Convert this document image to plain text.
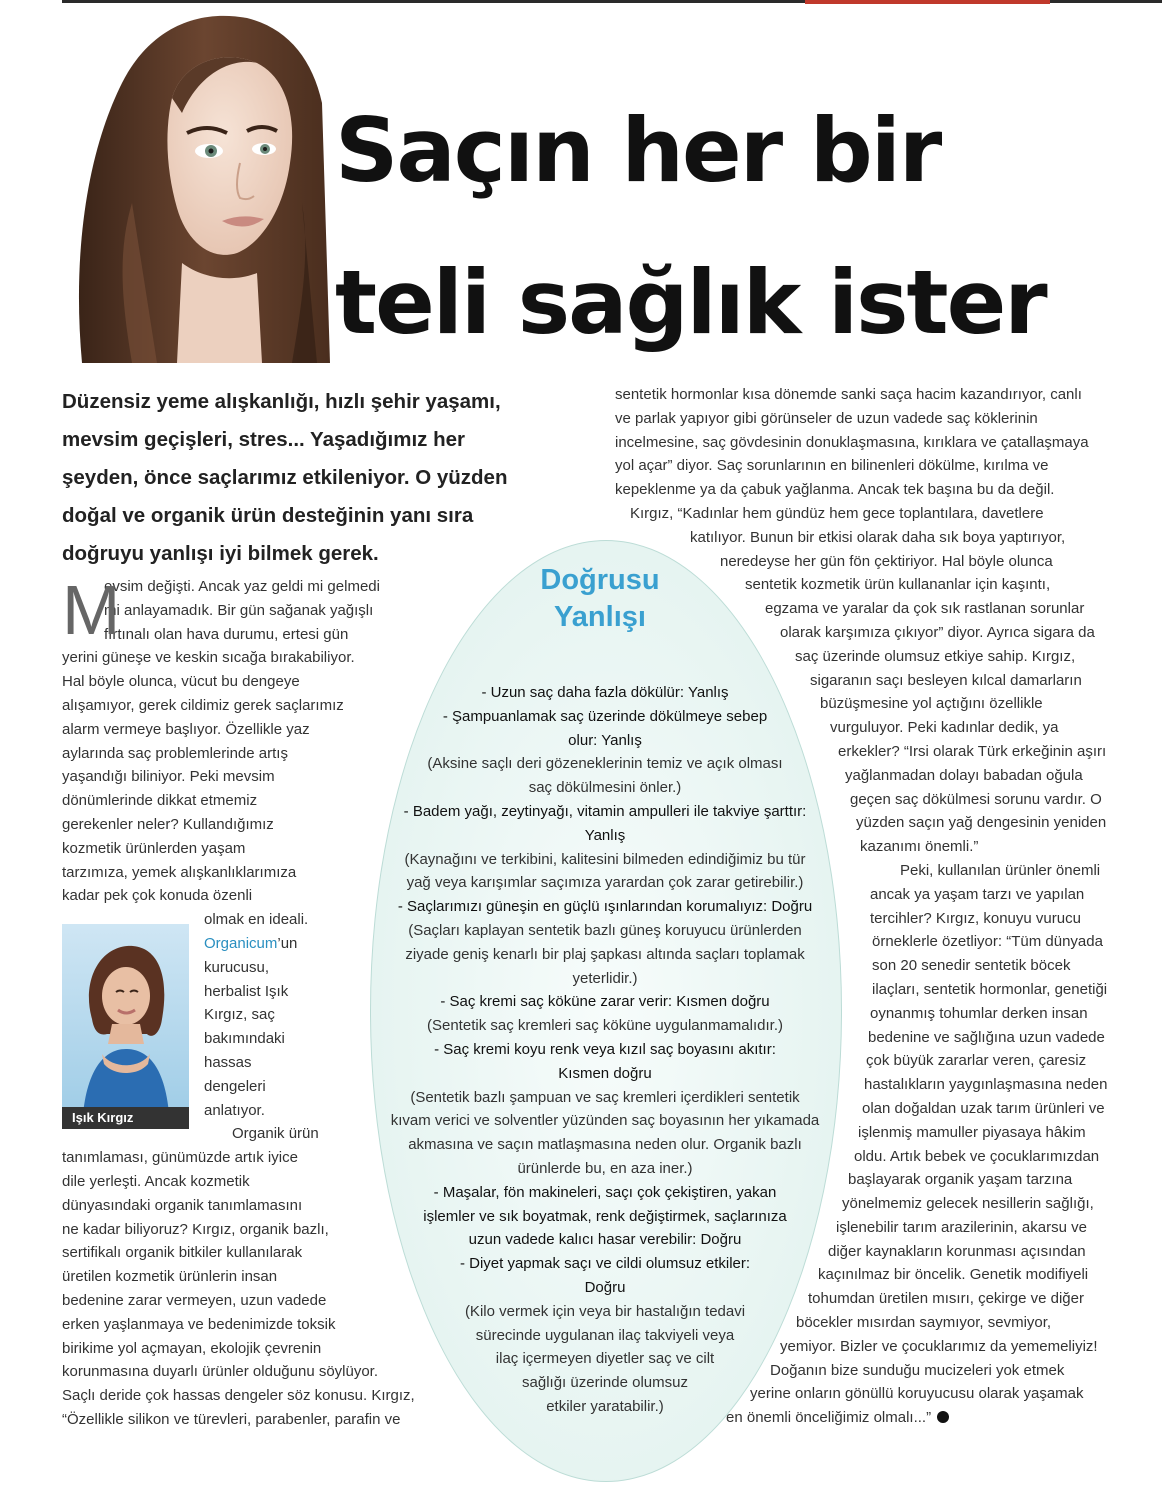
Saçın her bir
teli sağlık ister

Düzensiz yeme alışkanlığı, hızlı şehir yaşamı,
mevsim geçişleri, stres... Yaşadığımız her
şeyden, önce saçlarımız etkileniyor. O yüzden
doğal ve organik ürün desteğinin yanı sıra
doğruyu yanlışı iyi bilmek gerek.

M
evsim değişti. Ancak yaz geldi mi gelmedi
mi anlayamadık. Bir gün sağanak yağışlı
fırtınalı olan hava durumu, ertesi gün
yerini güneşe ve keskin sıcağa bırakabiliyor.
Hal böyle olunca, vücut bu dengeye
alışamıyor, gerek cildimiz gerek saçlarımız
alarm vermeye başlıyor. Özellikle yaz
aylarında saç problemlerinde artış
yaşandığı biliniyor. Peki mevsim
dönümlerinde dikkat etmemiz
gerekenler neler? Kullandığımız
kozmetik ürünlerden yaşam
tarzımıza, yemek alışkanlıklarımıza
kadar pek çok konuda özenli
olmak en ideali.
Organicum’un
kurucusu,
herbalist Işık
Kırgız, saç
bakımındaki
hassas
dengeleri
anlatıyor.
Organik ürün
tanımlaması, günümüzde artık iyice
dile yerleşti. Ancak kozmetik
dünyasındaki organik tanımlamasını
ne kadar biliyoruz? Kırgız, organik bazlı,
sertifikalı organik bitkiler kullanılarak
üretilen kozmetik ürünlerin insan
bedenine zarar vermeyen, uzun vadede
erken yaşlanmaya ve bedenimizde toksik
birikime yol açmayan, ekolojik çevrenin
korunmasına duyarlı ürünler olduğunu söylüyor.
Saçlı deride çok hassas dengeler söz konusu. Kırgız,
“Özellikle silikon ve türevleri, parabenler, parafin ve
Işık Kırgız
Doğrusu
Yanlışı
- Uzun saç daha fazla dökülür: Yanlış
- Şampuanlamak saç üzerinde dökülmeye sebep
olur: Yanlış
(Aksine saçlı deri gözeneklerinin temiz ve açık olması
saç dökülmesini önler.)
- Badem yağı, zeytinyağı, vitamin ampulleri ile takviye şarttır:
Yanlış
(Kaynağını ve terkibini, kalitesini bilmeden edindiğimiz bu tür
yağ veya karışımlar saçımıza yarardan çok zarar getirebilir.)
- Saçlarımızı güneşin en güçlü ışınlarından korumalıyız: Doğru
(Saçları kaplayan sentetik bazlı güneş koruyucu ürünlerden
ziyade geniş kenarlı bir plaj şapkası altında saçları toplamak
yeterlidir.)
- Saç kremi saç köküne zarar verir: Kısmen doğru
(Sentetik saç kremleri saç köküne uygulanmamalıdır.)
- Saç kremi koyu renk veya kızıl saç boyasını akıtır:
Kısmen doğru
(Sentetik bazlı şampuan ve saç kremleri içerdikleri sentetik
kıvam verici ve solventler yüzünden saç boyasının her yıkamada
akmasına ve saçın matlaşmasına neden olur. Organik bazlı
ürünlerde bu, en aza iner.)
- Maşalar, fön makineleri, saçı çok çekiştiren, yakan
işlemler ve sık boyatmak, renk değiştirmek, saçlarınıza
uzun vadede kalıcı hasar verebilir: Doğru
- Diyet yapmak saçı ve cildi olumsuz etkiler:
Doğru
(Kilo vermek için veya bir hastalığın tedavi
sürecinde uygulanan ilaç takviyeli veya
ilaç içermeyen diyetler saç ve cilt
sağlığı üzerinde olumsuz
etkiler yaratabilir.)
sentetik hormonlar kısa dönemde sanki saça hacim kazandırıyor, canlı
ve parlak yapıyor gibi görünseler de uzun vadede saç köklerinin
incelmesine, saç gövdesinin donuklaşmasına, kırıklara ve çatallaşmaya
yol açar” diyor. Saç sorunlarının en bilinenleri dökülme, kırılma ve
kepeklenme ya da çabuk yağlanma. Ancak tek başına bu da değil.
Kırgız, “Kadınlar hem gündüz hem gece toplantılara, davetlere
katılıyor. Bunun bir etkisi olarak daha sık boya yaptırıyor,
neredeyse her gün fön çektiriyor. Hal böyle olunca
sentetik kozmetik ürün kullananlar için kaşıntı,
egzama ve yaralar da çok sık rastlanan sorunlar
olarak karşımıza çıkıyor” diyor. Ayrıca sigara da
saç üzerinde olumsuz etkiye sahip. Kırgız,
sigaranın saçı besleyen kılcal damarların
büzüşmesine yol açtığını özellikle
vurguluyor. Peki kadınlar dedik, ya
erkekler? “Irsi olarak Türk erkeğinin aşırı
yağlanmadan dolayı babadan oğula
geçen saç dökülmesi sorunu vardır. O
yüzden saçın yağ dengesinin yeniden
kazanımı önemli.”
Peki, kullanılan ürünler önemli
ancak ya yaşam tarzı ve yapılan
tercihler? Kırgız, konuyu vurucu
örneklerle özetliyor: “Tüm dünyada
son 20 senedir sentetik böcek
ilaçları, sentetik hormonlar, genetiği
oynanmış tohumlar derken insan
bedenine ve sağlığına uzun vadede
çok büyük zararlar veren, çaresiz
hastalıkların yaygınlaşmasına neden
olan doğaldan uzak tarım ürünleri ve
işlenmiş mamuller piyasaya hâkim
oldu. Artık bebek ve çocuklarımızdan
başlayarak organik yaşam tarzına
yönelmemiz gelecek nesillerin sağlığı,
işlenebilir tarım arazilerinin, akarsu ve
diğer kaynakların korunması açısından
kaçınılmaz bir öncelik. Genetik modifiyeli
tohumdan üretilen mısırı, çekirge ve diğer
böcekler mısırdan saymıyor, sevmiyor,
yemiyor. Bizler ve çocuklarımız da yememeliyiz!
Doğanın bize sunduğu mucizeleri yok etmek
yerine onların gönüllü koruyucusu olarak yaşamak
en önemli önceliğimiz olmalı...”
